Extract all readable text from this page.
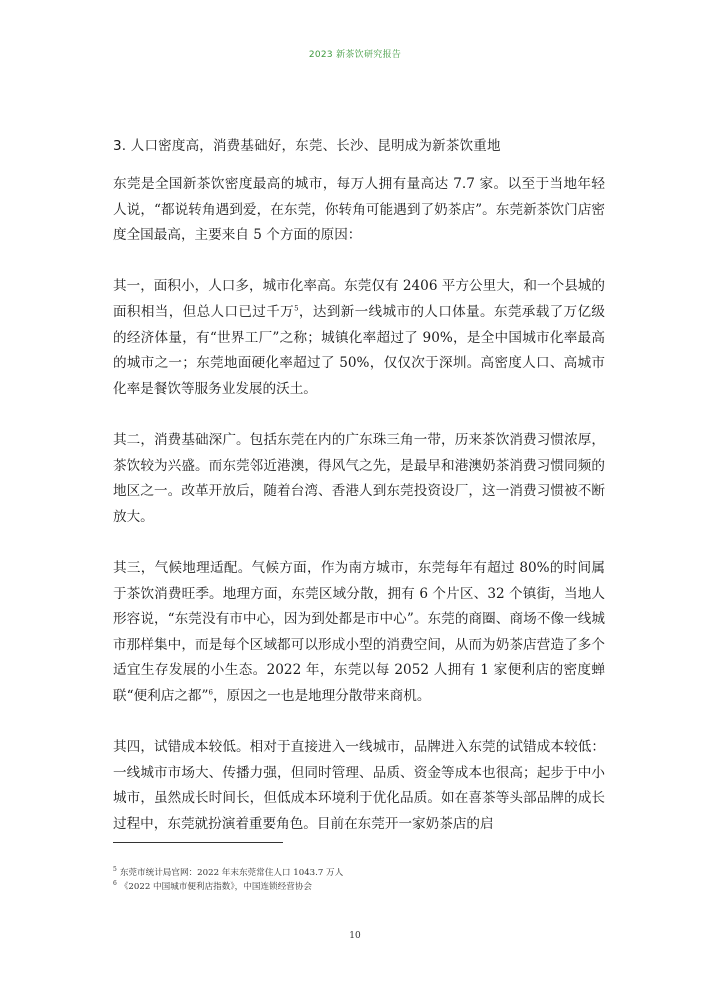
2023 新茶饮研究报告
3. 人口密度高，消费基础好，东莞、长沙、昆明成为新茶饮重地

东莞是全国新茶饮密度最高的城市，每万人拥有量高达 7.7 家。以至于当地年轻人说，“都说转角遇到爱，在东莞，你转角可能遇到了奶茶店”。东莞新茶饮门店密度全国最高，主要来自 5 个方面的原因：

其一，面积小，人口多，城市化率高。东莞仅有 2406 平方公里大，和一个县城的面积相当，但总人口已过千万$^5$，达到新一线城市的人口体量。东莞承载了万亿级的经济体量，有“世界工厂”之称；城镇化率超过了 90%，是全中国城市化率最高的城市之一；东莞地面硬化率超过了 50%，仅仅次于深圳。高密度人口、高城市化率是餐饮等服务业发展的沃土。

其二，消费基础深广。包括东莞在内的广东珠三角一带，历来茶饮消费习惯浓厚，茶饮较为兴盛。而东莞邻近港澳，得风气之先，是最早和港澳奶茶消费习惯同频的地区之一。改革开放后，随着台湾、香港人到东莞投资设厂，这一消费习惯被不断放大。

其三，气候地理适配。气候方面，作为南方城市，东莞每年有超过 80%的时间属于茶饮消费旺季。地理方面，东莞区域分散，拥有 6 个片区、32 个镇街，当地人形容说，“东莞没有市中心，因为到处都是市中心”。东莞的商圈、商场不像一线城市那样集中，而是每个区域都可以形成小型的消费空间，从而为奶茶店营造了多个适宜生存发展的小生态。2022 年，东莞以每 2052 人拥有 1 家便利店的密度蝉联“便利店之都”$^6$，原因之一也是地理分散带来商机。

其四，试错成本较低。相对于直接进入一线城市，品牌进入东莞的试错成本较低：一线城市市场大、传播力强，但同时管理、品质、资金等成本也很高；起步于中小城市，虽然成长时间长，但低成本环境利于优化品质。如在喜茶等头部品牌的成长过程中，东莞就扮演着重要角色。目前在东莞开一家奶茶店的启

$^5$ 东莞市统计局官网：2022 年末东莞常住人口 1043.7 万人
$^6$ 《2022 中国城市便利店指数》，中国连锁经营协会
10
